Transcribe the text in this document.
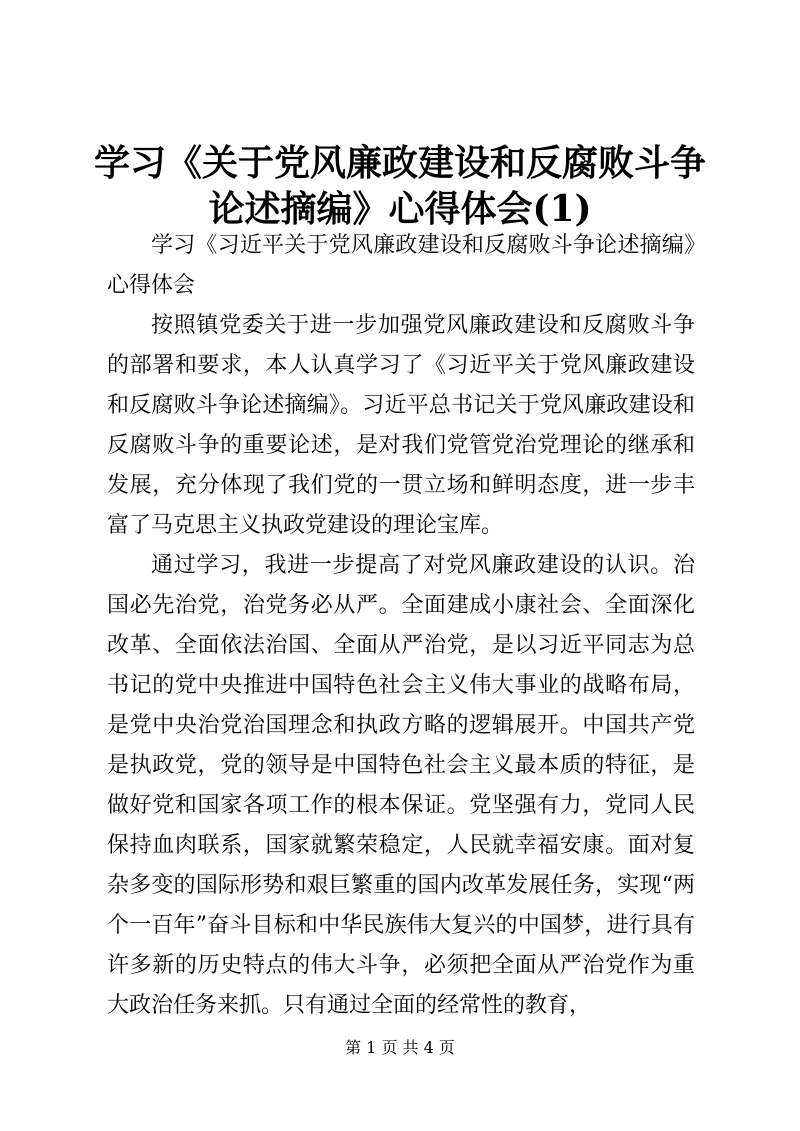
学习《关于党风廉政建设和反腐败斗争论述摘编》心得体会(1)

学习《习近平关于党风廉政建设和反腐败斗争论述摘编》心得体会

按照镇党委关于进一步加强党风廉政建设和反腐败斗争的部署和要求，本人认真学习了《习近平关于党风廉政建设和反腐败斗争论述摘编》。习近平总书记关于党风廉政建设和反腐败斗争的重要论述，是对我们党管党治党理论的继承和发展，充分体现了我们党的一贯立场和鲜明态度，进一步丰富了马克思主义执政党建设的理论宝库。

通过学习，我进一步提高了对党风廉政建设的认识。治国必先治党，治党务必从严。全面建成小康社会、全面深化改革、全面依法治国、全面从严治党，是以习近平同志为总书记的党中央推进中国特色社会主义伟大事业的战略布局，是党中央治党治国理念和执政方略的逻辑展开。中国共产党是执政党，党的领导是中国特色社会主义最本质的特征，是做好党和国家各项工作的根本保证。党坚强有力，党同人民保持血肉联系，国家就繁荣稳定，人民就幸福安康。面对复杂多变的国际形势和艰巨繁重的国内改革发展任务，实现“两个一百年”奋斗目标和中华民族伟大复兴的中国梦，进行具有许多新的历史特点的伟大斗争，必须把全面从严治党作为重大政治任务来抓。只有通过全面的经常性的教育，

第 1 页 共 4 页
